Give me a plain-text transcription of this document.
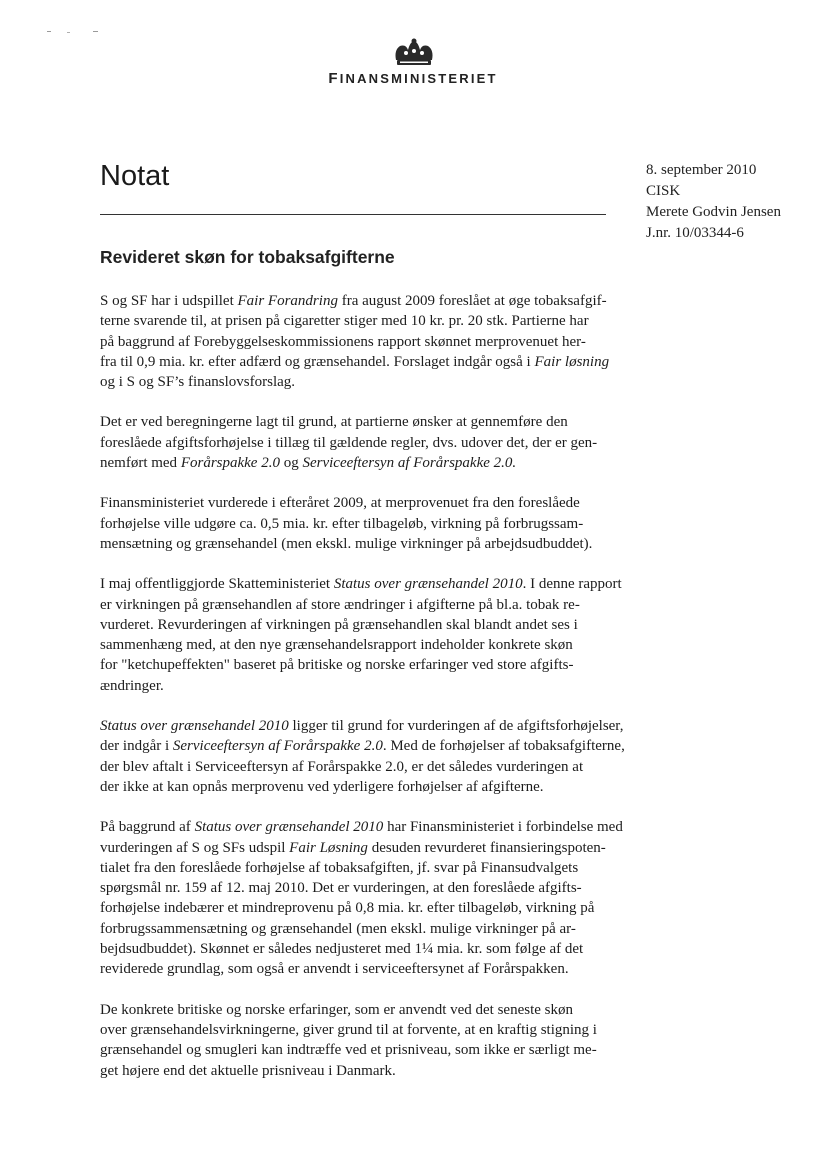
FINANSMINISTERIET
Notat	8. september 2010
CISK
Merete Godvin Jensen
J.nr. 10/03344-6
Revideret skøn for tobaksafgifterne
S og SF har i udspillet Fair Forandring fra august 2009 foreslået at øge tobaksafgif-
terne svarende til, at prisen på cigaretter stiger med 10 kr. pr. 20 stk. Partierne har
på baggrund af Forebyggelseskommissionens rapport skønnet merprovenuet her-
fra til 0,9 mia. kr. efter adfærd og grænsehandel. Forslaget indgår også i Fair løsning
og i S og SF’s finanslovsforslag.
Det er ved beregningerne lagt til grund, at partierne ønsker at gennemføre den
foreslåede afgiftsforhøjelse i tillæg til gældende regler, dvs. udover det, der er gen-
nemført med Forårspakke 2.0 og Serviceeftersyn af Forårspakke 2.0.
Finansministeriet vurderede i efteråret 2009, at merprovenuet fra den foreslåede
forhøjelse ville udgøre ca. 0,5 mia. kr. efter tilbageløb, virkning på forbrugssam-
mensætning og grænsehandel (men ekskl. mulige virkninger på arbejdsudbuddet).
I maj offentliggjorde Skatteministeriet Status over grænsehandel 2010. I denne rapport
er virkningen på grænsehandlen af store ændringer i afgifterne på bl.a. tobak re-
vurderet. Revurderingen af virkningen på grænsehandlen skal blandt andet ses i
sammenhæng med, at den nye grænsehandelsrapport indeholder konkrete skøn
for "ketchupeffekten" baseret på britiske og norske erfaringer ved store afgifts-
ændringer.
Status over grænsehandel 2010 ligger til grund for vurderingen af de afgiftsforhøjelser,
der indgår i Serviceeftersyn af Forårspakke 2.0. Med de forhøjelser af tobaksafgifterne,
der blev aftalt i Serviceeftersyn af Forårspakke 2.0, er det således vurderingen at
der ikke at kan opnås merprovenu ved yderligere forhøjelser af afgifterne.
På baggrund af Status over grænsehandel 2010 har Finansministeriet i forbindelse med
vurderingen af S og SFs udspil Fair Løsning desuden revurderet finansieringspoten-
tialet fra den foreslåede forhøjelse af tobaksafgiften, jf. svar på Finansudvalgets
spørgsmål nr. 159 af 12. maj 2010. Det er vurderingen, at den foreslåede afgifts-
forhøjelse indebærer et mindreprovenu på 0,8 mia. kr. efter tilbageløb, virkning på
forbrugssammensætning og grænsehandel (men ekskl. mulige virkninger på ar-
bejdsudbuddet). Skønnet er således nedjusteret med 1¼ mia. kr. som følge af det
reviderede grundlag, som også er anvendt i serviceeftersynet af Forårspakken.
De konkrete britiske og norske erfaringer, som er anvendt ved det seneste skøn
over grænsehandelsvirkningerne, giver grund til at forvente, at en kraftig stigning i
grænsehandel og smugleri kan indtræffe ved et prisniveau, som ikke er særligt me-
get højere end det aktuelle prisniveau i Danmark.
